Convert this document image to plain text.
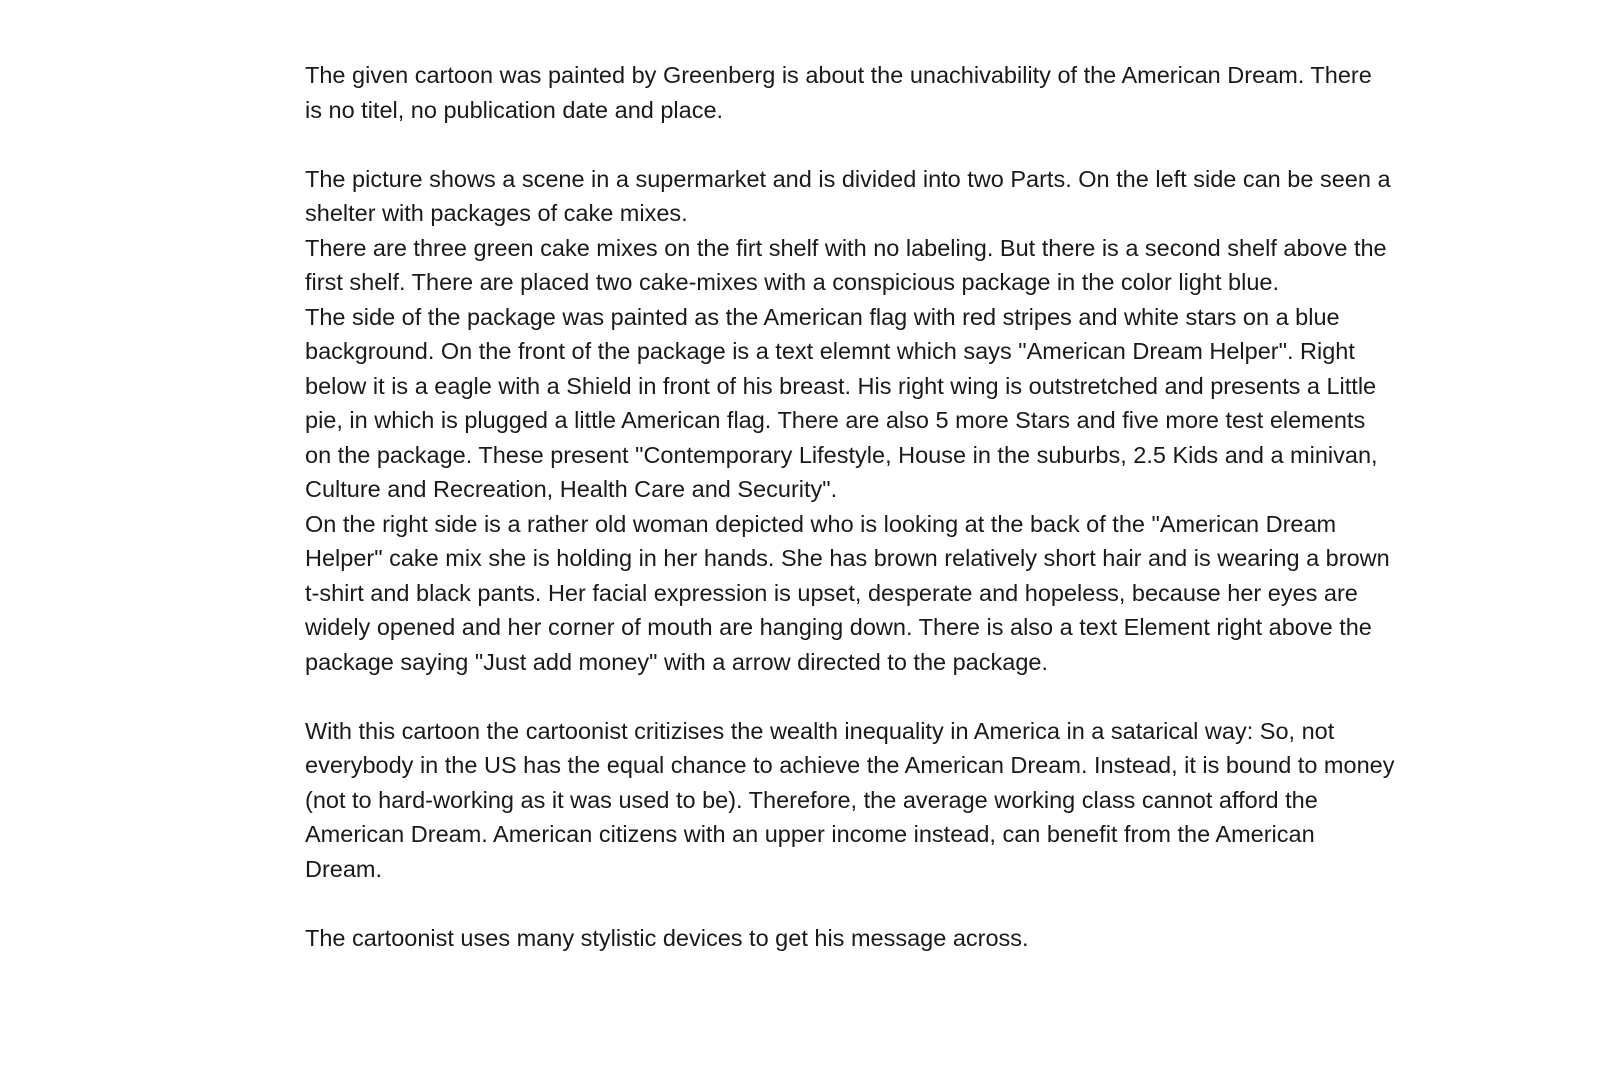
The given cartoon was painted by Greenberg is about the unachivability of the American Dream. There is no titel, no publication date and place.

The picture shows a scene in a supermarket and is divided into two Parts. On the left side can be seen a shelter with packages of cake mixes.

There are three green cake mixes on the firt shelf with no labeling. But there is a second shelf above the first shelf. There are placed two cake-mixes with a conspicious package in the color light blue.

The side of the package was painted as the American flag with red stripes and white stars on a blue background. On the front of the package is a text elemnt which says "American Dream Helper". Right below it is a eagle with a Shield in front of his breast. His right wing is outstretched and presents a Little pie, in which is plugged a little American flag. There are also 5 more Stars and five more test elements on the package. These present "Contemporary Lifestyle, House in the suburbs, 2.5 Kids and a minivan, Culture and Recreation, Health Care and Security".

On the right side is a rather old woman depicted who is looking at the back of the "American Dream Helper" cake mix she is holding in her hands. She has brown relatively short hair and is wearing a brown t-shirt and black pants. Her facial expression is upset, desperate and hopeless, because her eyes are widely opened and her corner of mouth are hanging down. There is also a text Element right above the package saying "Just add money" with a arrow directed to the package.

With this cartoon the cartoonist critizises the wealth inequality in America in a satarical way: So, not everybody in the US has the equal chance to achieve the American Dream. Instead, it is bound to money (not to hard-working as it was used to be). Therefore, the average working class cannot afford the American Dream. American citizens with an upper income instead, can benefit from the American Dream.

The cartoonist uses many stylistic devices to get his message across.
